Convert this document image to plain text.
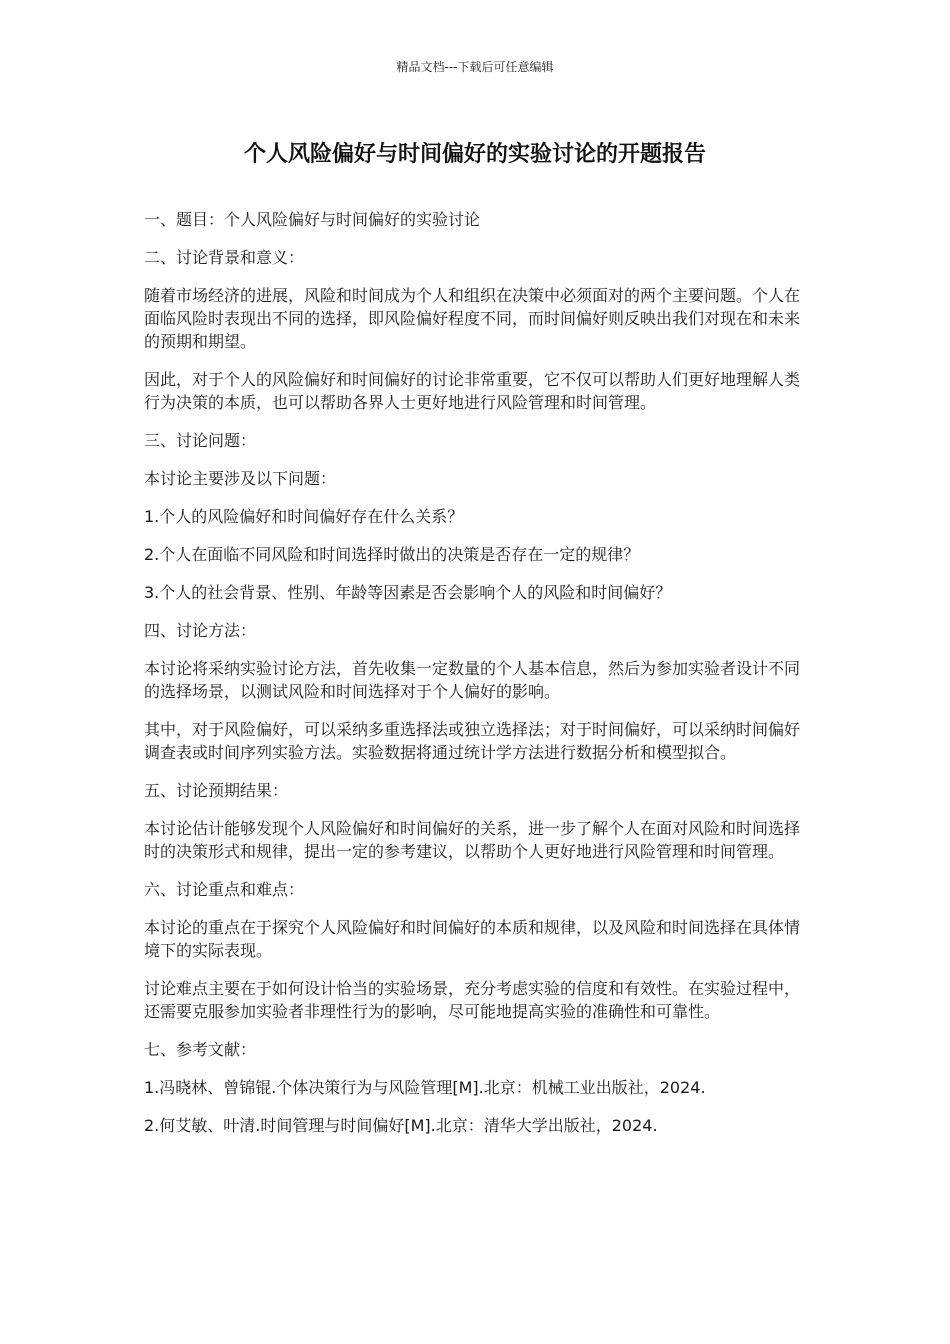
精品文档---下载后可任意编辑
个人风险偏好与时间偏好的实验讨论的开题报告

一、题目：个人风险偏好与时间偏好的实验讨论

二、讨论背景和意义：

随着市场经济的进展，风险和时间成为个人和组织在决策中必须面对的两个主要问题。个人在面临风险时表现出不同的选择，即风险偏好程度不同，而时间偏好则反映出我们对现在和未来的预期和期望。

因此，对于个人的风险偏好和时间偏好的讨论非常重要，它不仅可以帮助人们更好地理解人类行为决策的本质，也可以帮助各界人士更好地进行风险管理和时间管理。

三、讨论问题：

本讨论主要涉及以下问题：

1.个人的风险偏好和时间偏好存在什么关系？

2.个人在面临不同风险和时间选择时做出的决策是否存在一定的规律？

3.个人的社会背景、性别、年龄等因素是否会影响个人的风险和时间偏好？

四、讨论方法：

本讨论将采纳实验讨论方法，首先收集一定数量的个人基本信息，然后为参加实验者设计不同的选择场景，以测试风险和时间选择对于个人偏好的影响。

其中，对于风险偏好，可以采纳多重选择法或独立选择法；对于时间偏好，可以采纳时间偏好调查表或时间序列实验方法。实验数据将通过统计学方法进行数据分析和模型拟合。

五、讨论预期结果：

本讨论估计能够发现个人风险偏好和时间偏好的关系，进一步了解个人在面对风险和时间选择时的决策形式和规律，提出一定的参考建议，以帮助个人更好地进行风险管理和时间管理。

六、讨论重点和难点：

本讨论的重点在于探究个人风险偏好和时间偏好的本质和规律，以及风险和时间选择在具体情境下的实际表现。

讨论难点主要在于如何设计恰当的实验场景，充分考虑实验的信度和有效性。在实验过程中，还需要克服参加实验者非理性行为的影响，尽可能地提高实验的准确性和可靠性。

七、参考文献：

1.冯晓林、曾锦锟.个体决策行为与风险管理[M].北京：机械工业出版社，2024.

2.何艾敏、叶清.时间管理与时间偏好[M].北京：清华大学出版社，2024.
